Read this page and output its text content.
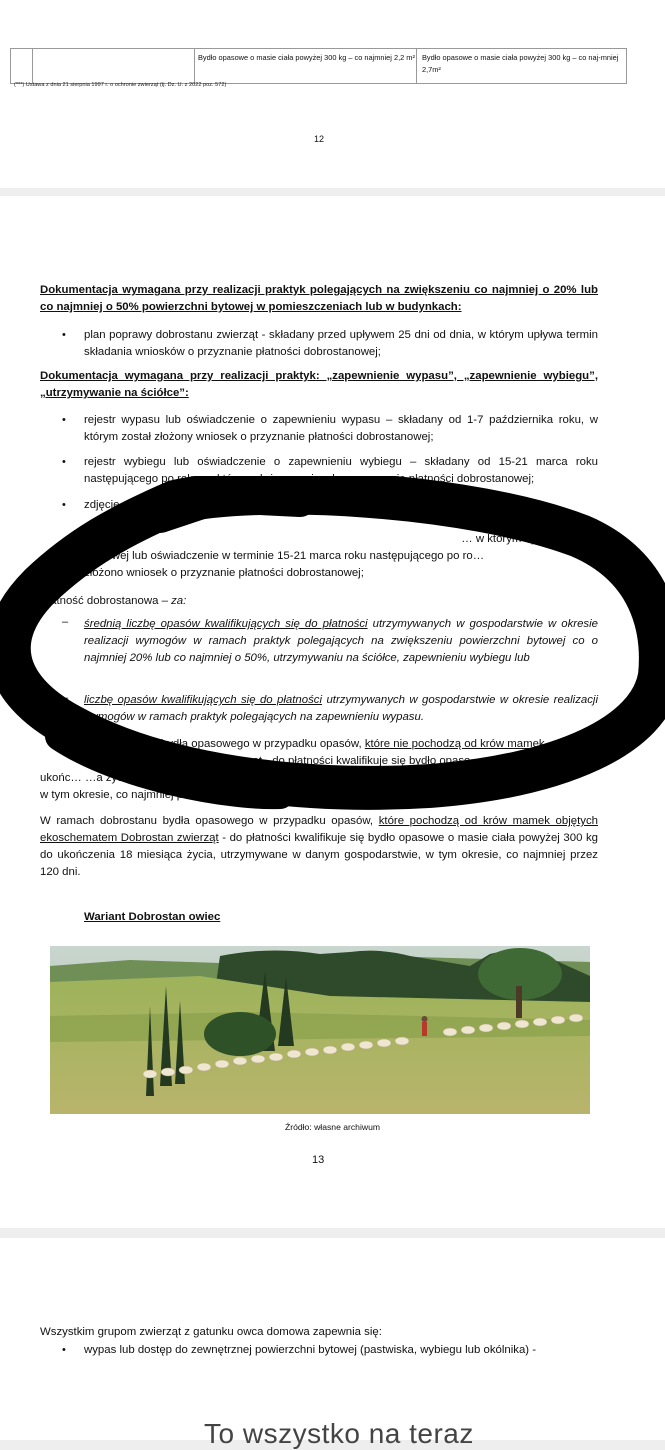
Bydło opasowe o masie ciała powyżej 300 kg – co najmniej 2,2 m² Bydło opasowe o masie ciała powyżej 300 kg – co naj-mniej 2,7m²
(***) Ustawa z dnia 21 sierpnia 1997 r. o ochronie zwierząt (tj. Dz. U. z 2022 poz. 572)
12
Dokumentacja wymagana przy realizacji praktyk polegających na zwiększeniu co najmniej o 20% lub co najmniej o 50% powierzchni bytowej w pomieszczeniach lub w budynkach:
• plan poprawy dobrostanu zwierząt - składany przed upływem 25 dni od dnia, w którym upływa termin składania wniosków o przyznanie płatności dobrostanowej;
Dokumentacja wymagana przy realizacji praktyk: „zapewnienie wypasu”, „zapewnienie wybiegu”, „utrzymywanie na ściółce”:
• rejestr wypasu lub oświadczenie o zapewnieniu wypasu – składany od 1-7 października roku, w którym został złożony wniosek o przyznanie płatności dobrostanowej;
• rejestr wybiegu lub oświadczenie o zapewnieniu wybiegu – składany od 15-21 marca roku następującego po roku, w którym złożono wniosek o przyznanie płatności dobrostanowej;
• zdjęcie geot… dokumentujące stosowanie ściółki lub oświadczenie o zapewnieniu
… przed upływem
… w którym upływa … bro-
stanowej lub oświadczenie w terminie 15-21 marca roku następującego po ro…
złożono wniosek o przyznanie płatności dobrostanowej;
Płatność dobrostanowa – za:
– średnią liczbę opasów kwalifikujących się do płatności utrzymywanych w gospodarstwie w okresie realizacji wymogów w ramach praktyk polegających na zwiększeniu powierzchni bytowej co o najmniej 20% lub co najmniej o 50%, utrzymywaniu na ściółce, zapewnieniu wybiegu lub
– liczbę opasów kwalifikujących się do płatności utrzymywanych w gospodarstwie w okresie realizacji wymogów w ramach praktyk polegających na zapewnieniu wypasu.
…amach dobrostanu bydła opasowego w przypadku opasów, które nie pochodzą od krów mamek
… Dobrostan zwierząt - do płatności kwalifikuje się bydło opaso…
ukońc… …a życia, utrzym…
w tym okresie, co najmniej przez 12…
W ramach dobrostanu bydła opasowego w przypadku opasów, które pochodzą od krów mamek objętych ekoschematem Dobrostan zwierząt - do płatności kwalifikuje się bydło opasowe o masie ciała powyżej 300 kg do ukończenia 18 miesiąca życia, utrzymywane w danym gospodarstwie, w tym okresie, co najmniej przez 120 dni.
Wariant Dobrostan owiec
Źródło: własne archiwum
13
Wszystkim grupom zwierząt z gatunku owca domowa zapewnia się:
• wypas lub dostęp do zewnętrznej powierzchni bytowej (pastwiska, wybiegu lub okólnika) -
To wszystko na teraz
